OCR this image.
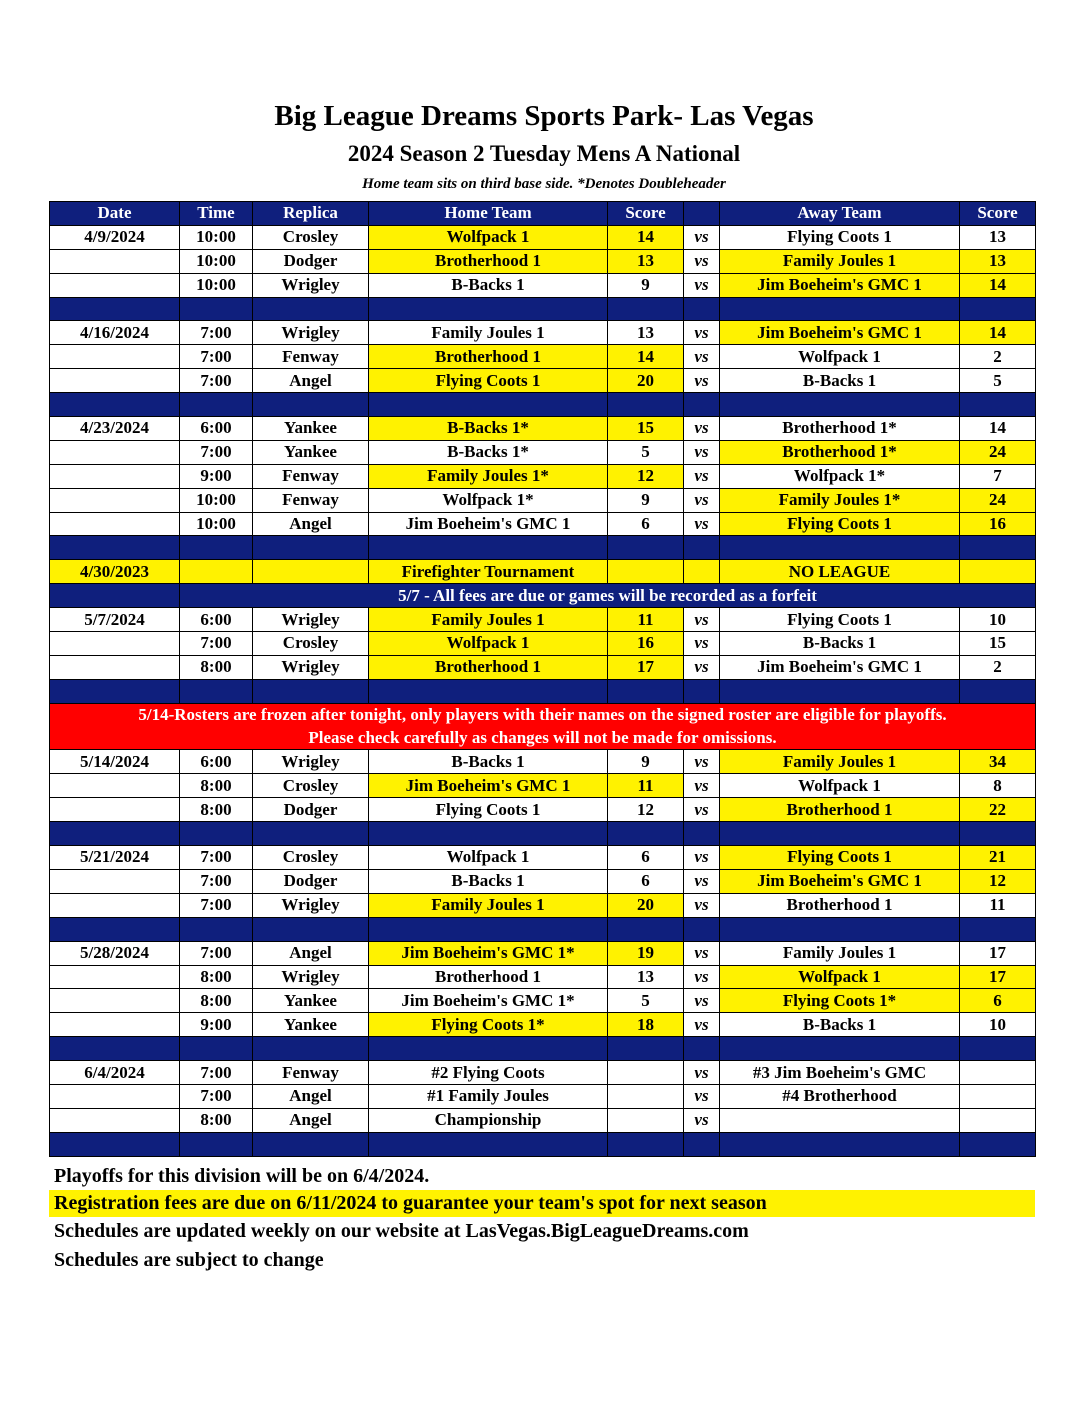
Big League Dreams Sports Park- Las Vegas
2024 Season 2 Tuesday Mens A National
Home team sits on third base side. *Denotes Doubleheader
Date	Time	Replica	Home Team	Score		Away Team	Score
4/9/2024	10:00	Crosley	Wolfpack 1	14	vs	Flying Coots 1	13
	10:00	Dodger	Brotherhood 1	13	vs	Family Joules 1	13
	10:00	Wrigley	B-Backs 1	9	vs	Jim Boeheim's GMC 1	14

4/16/2024	7:00	Wrigley	Family Joules 1	13	vs	Jim Boeheim's GMC 1	14
	7:00	Fenway	Brotherhood 1	14	vs	Wolfpack 1	2
	7:00	Angel	Flying Coots 1	20	vs	B-Backs 1	5

4/23/2024	6:00	Yankee	B-Backs 1*	15	vs	Brotherhood 1*	14
	7:00	Yankee	B-Backs 1*	5	vs	Brotherhood 1*	24
	9:00	Fenway	Family Joules 1*	12	vs	Wolfpack 1*	7
	10:00	Fenway	Wolfpack 1*	9	vs	Family Joules 1*	24
	10:00	Angel	Jim Boeheim's GMC 1	6	vs	Flying Coots 1	16

4/30/2023			Firefighter Tournament			NO LEAGUE	
	5/7 - All fees are due or games will be recorded as a forfeit						
5/7/2024	6:00	Wrigley	Family Joules 1	11	vs	Flying Coots 1	10
	7:00	Crosley	Wolfpack 1	16	vs	B-Backs 1	15
	8:00	Wrigley	Brotherhood 1	17	vs	Jim Boeheim's GMC 1	2

5/14-Rosters are frozen after tonight, only players with their names on the signed roster are eligible for playoffs.							
Please check carefully as changes will not be made for omissions.							
5/14/2024	6:00	Wrigley	B-Backs 1	9	vs	Family Joules 1	34
	8:00	Crosley	Jim Boeheim's GMC 1	11	vs	Wolfpack 1	8
	8:00	Dodger	Flying Coots 1	12	vs	Brotherhood 1	22

5/21/2024	7:00	Crosley	Wolfpack 1	6	vs	Flying Coots 1	21
	7:00	Dodger	B-Backs 1	6	vs	Jim Boeheim's GMC 1	12
	7:00	Wrigley	Family Joules 1	20	vs	Brotherhood 1	11

5/28/2024	7:00	Angel	Jim Boeheim's GMC 1*	19	vs	Family Joules 1	17
	8:00	Wrigley	Brotherhood 1	13	vs	Wolfpack 1	17
	8:00	Yankee	Jim Boeheim's GMC 1*	5	vs	Flying Coots 1*	6
	9:00	Yankee	Flying Coots 1*	18	vs	B-Backs 1	10

6/4/2024	7:00	Fenway	#2 Flying Coots		vs	#3 Jim Boeheim's GMC	
	7:00	Angel	#1 Family Joules		vs	#4 Brotherhood	
	8:00	Angel	Championship		vs		

Playoffs for this division will be on 6/4/2024.
Registration fees are due on 6/11/2024 to guarantee your team's spot for next season
Schedules are updated weekly on our website at LasVegas.BigLeagueDreams.com
Schedules are subject to change
